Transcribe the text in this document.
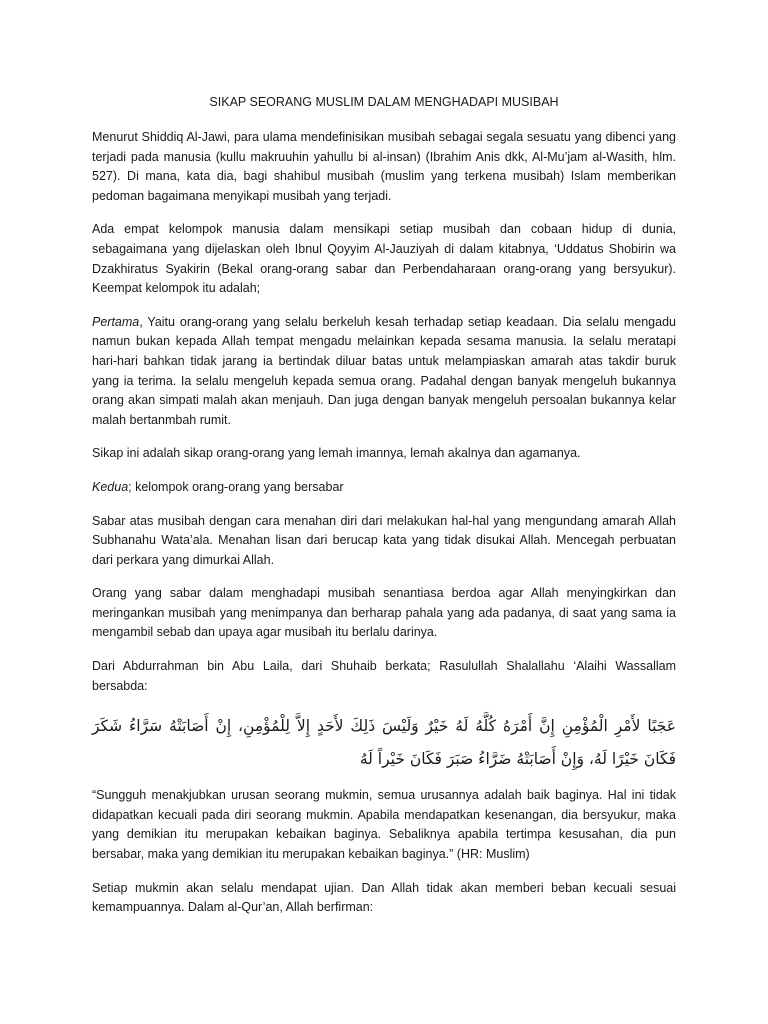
SIKAP SEORANG MUSLIM DALAM MENGHADAPI MUSIBAH

Menurut Shiddiq Al-Jawi, para ulama mendefinisikan musibah sebagai segala sesuatu yang dibenci yang terjadi pada manusia (kullu makruuhin yahullu bi al-insan) (Ibrahim Anis dkk, Al-Mu’jam al-Wasith, hlm. 527). Di mana, kata dia, bagi shahibul musibah (muslim yang terkena musibah) Islam memberikan pedoman bagaimana menyikapi musibah yang terjadi.

Ada empat kelompok manusia dalam mensikapi setiap musibah dan cobaan hidup di dunia, sebagaimana yang dijelaskan oleh Ibnul Qoyyim Al-Jauziyah di dalam kitabnya, ‘Uddatus Shobirin wa Dzakhiratus Syakirin (Bekal orang-orang sabar dan Perbendaharaan orang-orang yang bersyukur). Keempat kelompok itu adalah;

Pertama, Yaitu orang-orang yang selalu berkeluh kesah terhadap setiap keadaan. Dia selalu mengadu namun bukan kepada Allah tempat mengadu melainkan kepada sesama manusia. Ia selalu meratapi hari-hari bahkan tidak jarang ia bertindak diluar batas untuk melampiaskan amarah atas takdir buruk yang ia terima. Ia selalu mengeluh kepada semua orang. Padahal dengan banyak mengeluh bukannya orang akan simpati malah akan menjauh. Dan juga dengan banyak mengeluh persoalan bukannya kelar malah bertanmbah rumit.

Sikap ini adalah sikap orang-orang yang lemah imannya, lemah akalnya dan agamanya.

Kedua; kelompok orang-orang yang bersabar

Sabar atas musibah dengan cara menahan diri dari melakukan hal-hal yang mengundang amarah Allah Subhanahu Wata’ala. Menahan lisan dari berucap kata yang tidak disukai Allah. Mencegah perbuatan dari perkara yang dimurkai Allah.

Orang yang sabar dalam menghadapi musibah senantiasa berdoa agar Allah menyingkirkan dan meringankan musibah yang menimpanya dan berharap pahala yang ada padanya, di saat yang sama ia mengambil sebab dan upaya agar musibah itu berlalu darinya.

Dari Abdurrahman bin Abu Laila, dari Shuhaib berkata; Rasulullah Shalallahu ‘Alaihi Wassallam bersabda:

عَجَبًا لأَمْرِ الْمُؤْمِنِ إِنَّ أَمْرَهُ كُلَّهُ لَهُ خَيْرٌ وَلَيْسَ ذَلِكَ لأَحَدٍ إِلاَّ لِلْمُؤْمِنِ، إِنْ أَصَابَتْهُ سَرَّاءُ شَكَرَ فَكَانَ خَيْرًا لَهُ، وَإِنْ أَصَابَتْهُ ضَرَّاءُ صَبَرَ فَكَانَ خَيْراً لَهُ

“Sungguh menakjubkan urusan seorang mukmin, semua urusannya adalah baik baginya. Hal ini tidak didapatkan kecuali pada diri seorang mukmin. Apabila mendapatkan kesenangan, dia bersyukur, maka yang demikian itu merupakan kebaikan baginya. Sebaliknya apabila tertimpa kesusahan, dia pun bersabar, maka yang demikian itu merupakan kebaikan baginya.” (HR: Muslim)

Setiap mukmin akan selalu mendapat ujian. Dan Allah tidak akan memberi beban kecuali sesuai kemampuannya. Dalam al-Qur’an, Allah berfirman:
